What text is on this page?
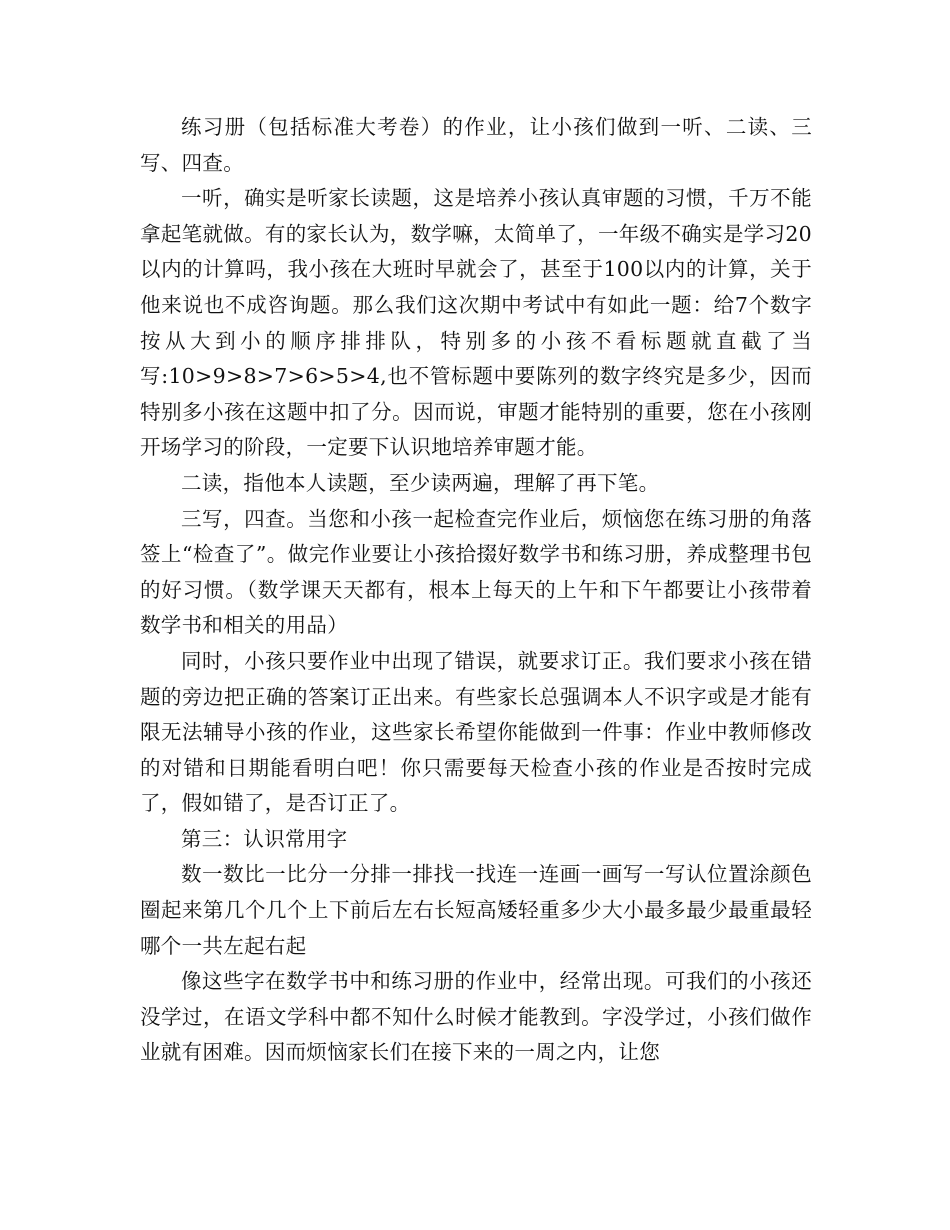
练习册（包括标准大考卷）的作业，让小孩们做到一听、二读、三写、四查。

一听，确实是听家长读题，这是培养小孩认真审题的习惯，千万不能拿起笔就做。有的家长认为，数学嘛，太简单了，一年级不确实是学习20以内的计算吗，我小孩在大班时早就会了，甚至于100以内的计算，关于他来说也不成咨询题。那么我们这次期中考试中有如此一题：给7个数字按从大到小的顺序排排队，特别多的小孩不看标题就直截了当写:10>9>8>7>6>5>4,也不管标题中要陈列的数字终究是多少，因而特别多小孩在这题中扣了分。因而说，审题才能特别的重要，您在小孩刚开场学习的阶段，一定要下认识地培养审题才能。

二读，指他本人读题，至少读两遍，理解了再下笔。

三写，四查。当您和小孩一起检查完作业后，烦恼您在练习册的角落签上“检查了”。做完作业要让小孩拾掇好数学书和练习册，养成整理书包的好习惯。（数学课天天都有，根本上每天的上午和下午都要让小孩带着数学书和相关的用品）

同时，小孩只要作业中出现了错误，就要求订正。我们要求小孩在错题的旁边把正确的答案订正出来。有些家长总强调本人不识字或是才能有限无法辅导小孩的作业，这些家长希望你能做到一件事：作业中教师修改的对错和日期能看明白吧！你只需要每天检查小孩的作业是否按时完成了，假如错了，是否订正了。

第三：认识常用字

数一数比一比分一分排一排找一找连一连画一画写一写认位置涂颜色圈起来第几个几个上下前后左右长短高矮轻重多少大小最多最少最重最轻哪个一共左起右起

像这些字在数学书中和练习册的作业中，经常出现。可我们的小孩还没学过，在语文学科中都不知什么时候才能教到。字没学过，小孩们做作业就有困难。因而烦恼家长们在接下来的一周之内，让您
